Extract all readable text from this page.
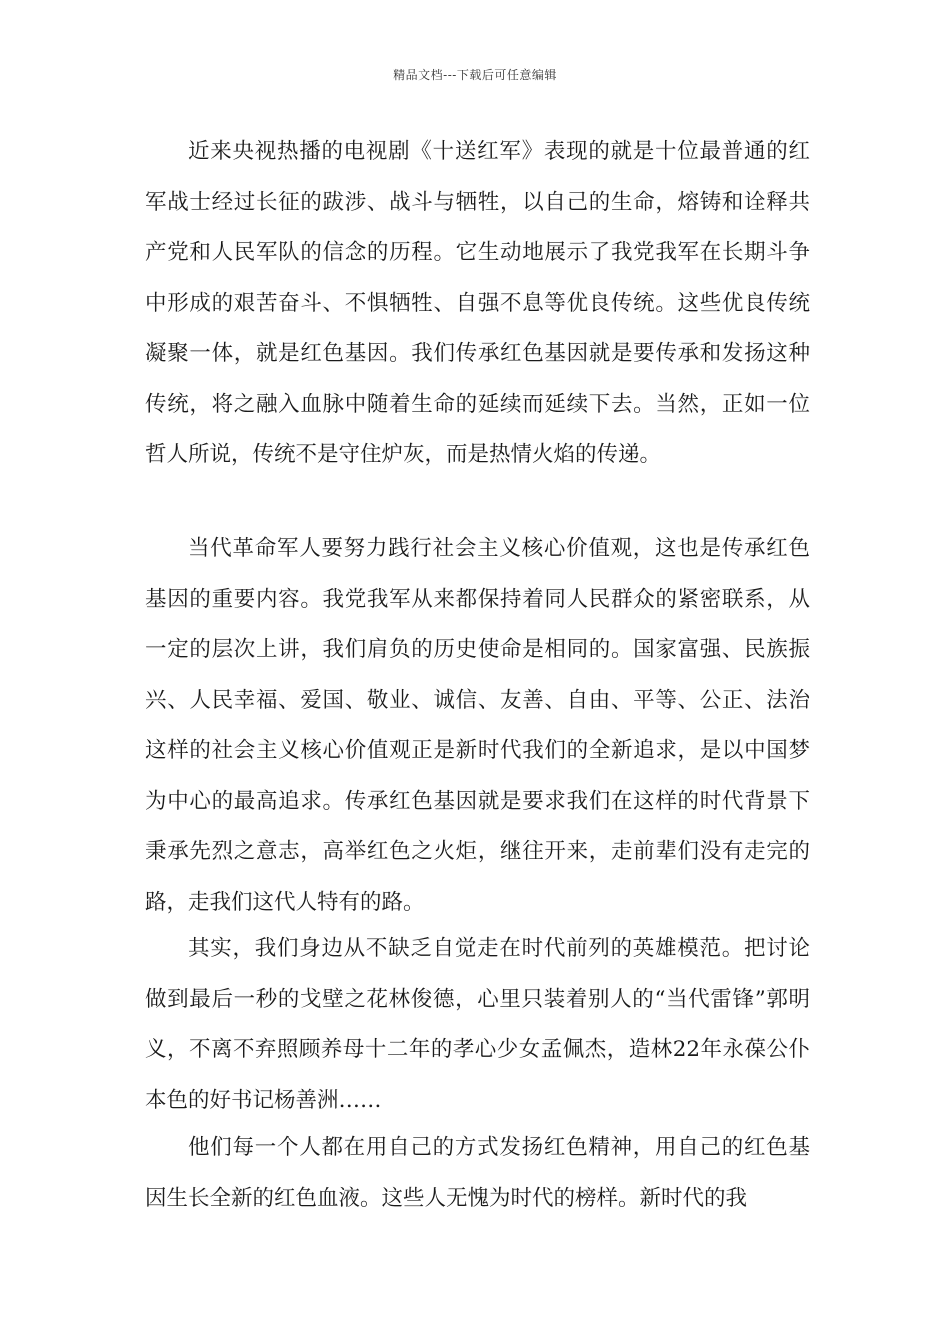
精品文档---下载后可任意编辑

近来央视热播的电视剧《十送红军》表现的就是十位最普通的红军战士经过长征的跋涉、战斗与牺牲，以自己的生命，熔铸和诠释共产党和人民军队的信念的历程。它生动地展示了我党我军在长期斗争中形成的艰苦奋斗、不惧牺牲、自强不息等优良传统。这些优良传统凝聚一体，就是红色基因。我们传承红色基因就是要传承和发扬这种传统，将之融入血脉中随着生命的延续而延续下去。当然，正如一位哲人所说，传统不是守住炉灰，而是热情火焰的传递。

当代革命军人要努力践行社会主义核心价值观，这也是传承红色基因的重要内容。我党我军从来都保持着同人民群众的紧密联系，从一定的层次上讲，我们肩负的历史使命是相同的。国家富强、民族振兴、人民幸福、爱国、敬业、诚信、友善、自由、平等、公正、法治这样的社会主义核心价值观正是新时代我们的全新追求，是以中国梦为中心的最高追求。传承红色基因就是要求我们在这样的时代背景下秉承先烈之意志，高举红色之火炬，继往开来，走前辈们没有走完的路，走我们这代人特有的路。

其实，我们身边从不缺乏自觉走在时代前列的英雄模范。把讨论做到最后一秒的戈壁之花林俊德，心里只装着别人的“当代雷锋”郭明义，不离不弃照顾养母十二年的孝心少女孟佩杰，造林22年永葆公仆本色的好书记杨善洲……

他们每一个人都在用自己的方式发扬红色精神，用自己的红色基因生长全新的红色血液。这些人无愧为时代的榜样。新时代的我
